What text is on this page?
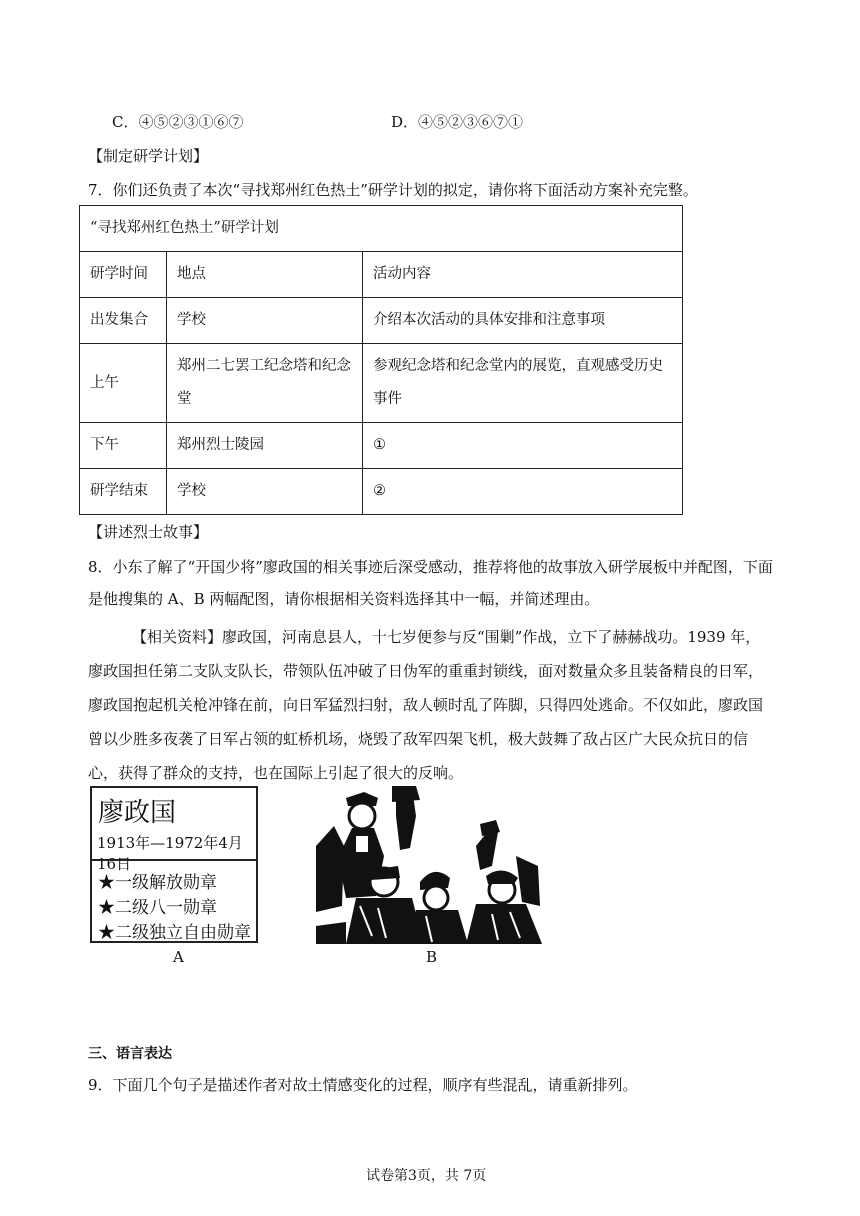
C．④⑤②③①⑥⑦	D．④⑤②③⑥⑦①
【制定研学计划】
7．你们还负责了本次“寻找郑州红色热土”研学计划的拟定，请你将下面活动方案补充完整。
“寻找郑州红色热土”研学计划		
研学时间	地点	活动内容
出发集合	学校	介绍本次活动的具体安排和注意事项
上午	郑州二七罢工纪念塔和纪念堂	参观纪念塔和纪念堂内的展览，直观感受历史事件
下午	郑州烈士陵园	①
研学结束	学校	②
【讲述烈士故事】
8．小东了解了“开国少将”廖政国的相关事迹后深受感动，推荐将他的故事放入研学展板中并配图，下面
是他搜集的 A、B 两幅配图，请你根据相关资料选择其中一幅，并简述理由。
【相关资料】廖政国，河南息县人，十七岁便参与反“围剿”作战，立下了赫赫战功。1939 年，廖政国担任第二支队支队长，带领队伍冲破了日伪军的重重封锁线，面对数量众多且装备精良的日军，廖政国抱起机关枪冲锋在前，向日军猛烈扫射，敌人顿时乱了阵脚，只得四处逃命。不仅如此，廖政国曾以少胜多夜袭了日军占领的虹桥机场，烧毁了敌军四架飞机，极大鼓舞了敌占区广大民众抗日的信心，获得了群众的支持，也在国际上引起了很大的反响。
廖政国
1913年—1972年4月16日
★一级解放勋章
★二级八一勋章
★二级独立自由勋章
A	B
三、语言表达
9．下面几个句子是描述作者对故土情感变化的过程，顺序有些混乱，请重新排列。
试卷第3页，共 7页
